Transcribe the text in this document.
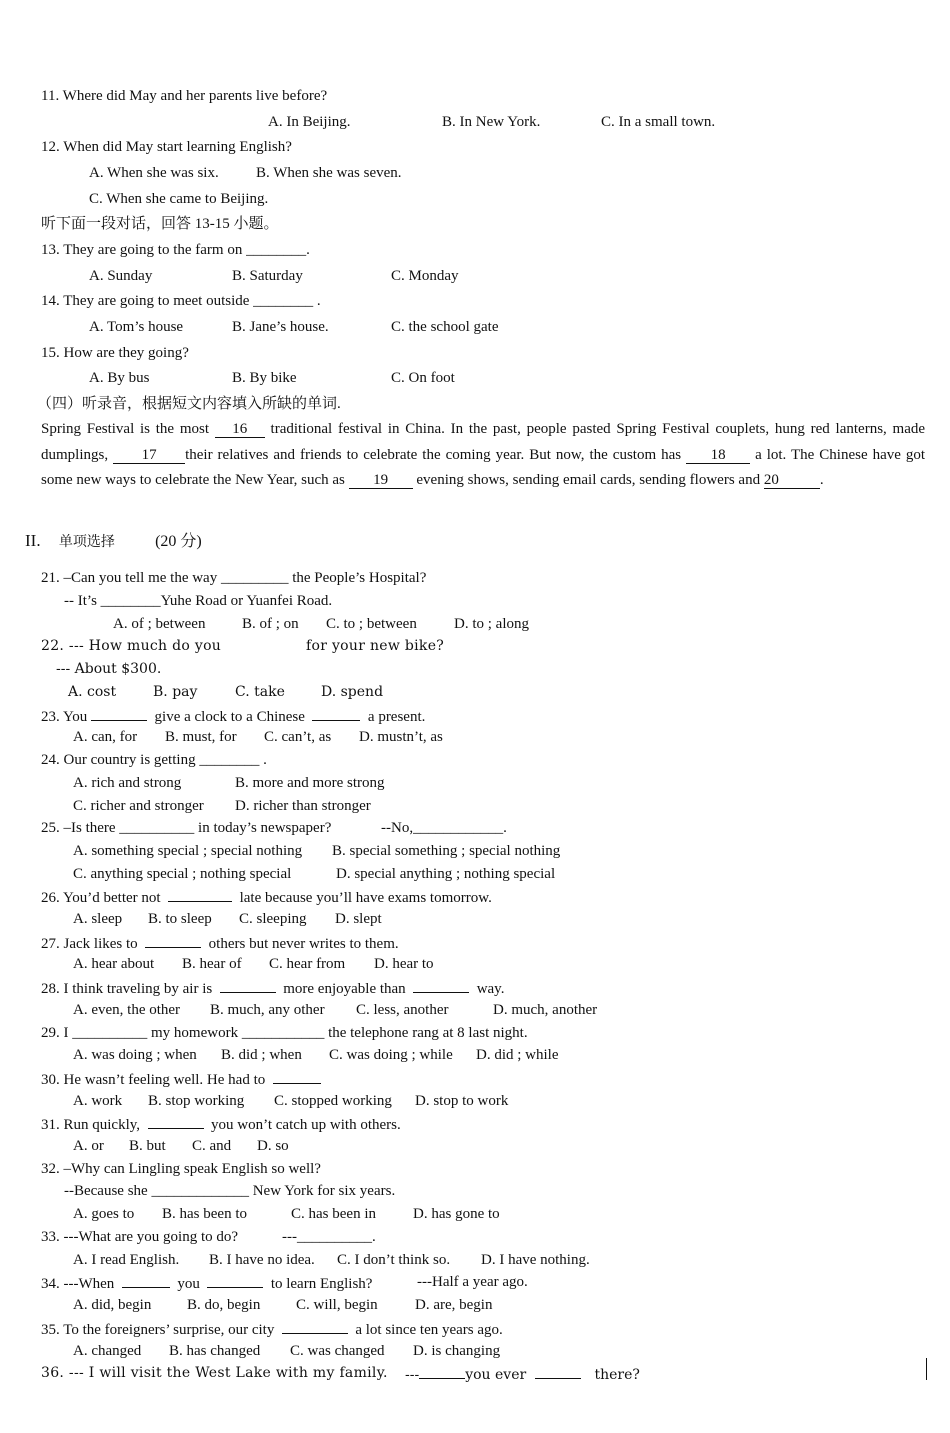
11. Where did May and her parents live before?
A. In Beijing.	B. In New York.	C. In a small town.
12. When did May start learning English?
A. When she was six. B. When she was seven.
C. When she came to Beijing.
听下面一段对话，回答 13-15 小题。
13. They are going to the farm on ________.
A. Sunday	B. Saturday	C. Monday
14. They are going to meet outside ________ .
A. Tom’s house	B. Jane’s house.	C. the school gate
15. How are they going?
A. By bus	B. By bike	C. On foot
（四）听录音，根据短文内容填入所缺的单词.
Spring Festival is the most 16 traditional festival in China. In the past, people pasted Spring Festival couplets, hung red lanterns, made dumplings, 17 their relatives and friends to celebrate the coming year. But now, the custom has 18 a lot. The Chinese have got some new ways to celebrate the New Year, such as 19 evening shows, sending email cards, sending flowers and 20	.
II. 单项选择	(20 分)
21. –Can you tell me the way _________ the People’s Hospital?
-- It’s ________Yuhe Road or Yuanfei Road.
A. of ; between B. of ; on C. to ; between D. to ; along
22. --- How much do you	for your new bike?
--- About $300.
A. cost	B. pay	C. take	D. spend
23. You	give a clock to a Chinese	a present.
A. can, for B. must, for C. can’t, as D. mustn’t, as
24. Our country is getting ________ .
A. rich and strong	B. more and more strong
C. richer and stronger D. richer than stronger
25. –Is there __________ in today’s newspaper?	--No,____________.
A. something special ; special nothing B. special something ; special nothing
C. anything special ; nothing special	D. special anything ; nothing special
26. You’d better not	late because you’ll have exams tomorrow.
A. sleep B. to sleep C. sleeping D. slept
27. Jack likes to	others but never writes to them.
A. hear about B. hear of C. hear from D. hear to
28. I think traveling by air is	more enjoyable than	way.
A. even, the other B. much, any other C. less, another	D. much, another
29. I __________ my homework ___________ the telephone rang at 8 last night.
A. was doing ; when B. did ; when C. was doing ; while D. did ; while
30. He wasn’t feeling well. He had to
A. work B. stop working C. stopped working D. stop to work
31. Run quickly,	you won’t catch up with others.
A. or B. but C. and D. so
32. –Why can Lingling speak English so well?
--Because she _____________ New York for six years.
A. goes to B. has been to	C. has been in D. has gone to
33. ---What are you going to do?	---__________.
A. I read English. B. I have no idea. C. I don’t think so. D. I have nothing.
34. ---When	you	to learn English?	---Half a year ago.
A. did, begin B. do, begin C. will, begin D. are, begin
35. To the foreigners’ surprise, our city	a lot since ten years ago.
A. changed B. has changed C. was changed D. is changing
36. --- I will visit the West Lake with my family. ---	you ever	there?
